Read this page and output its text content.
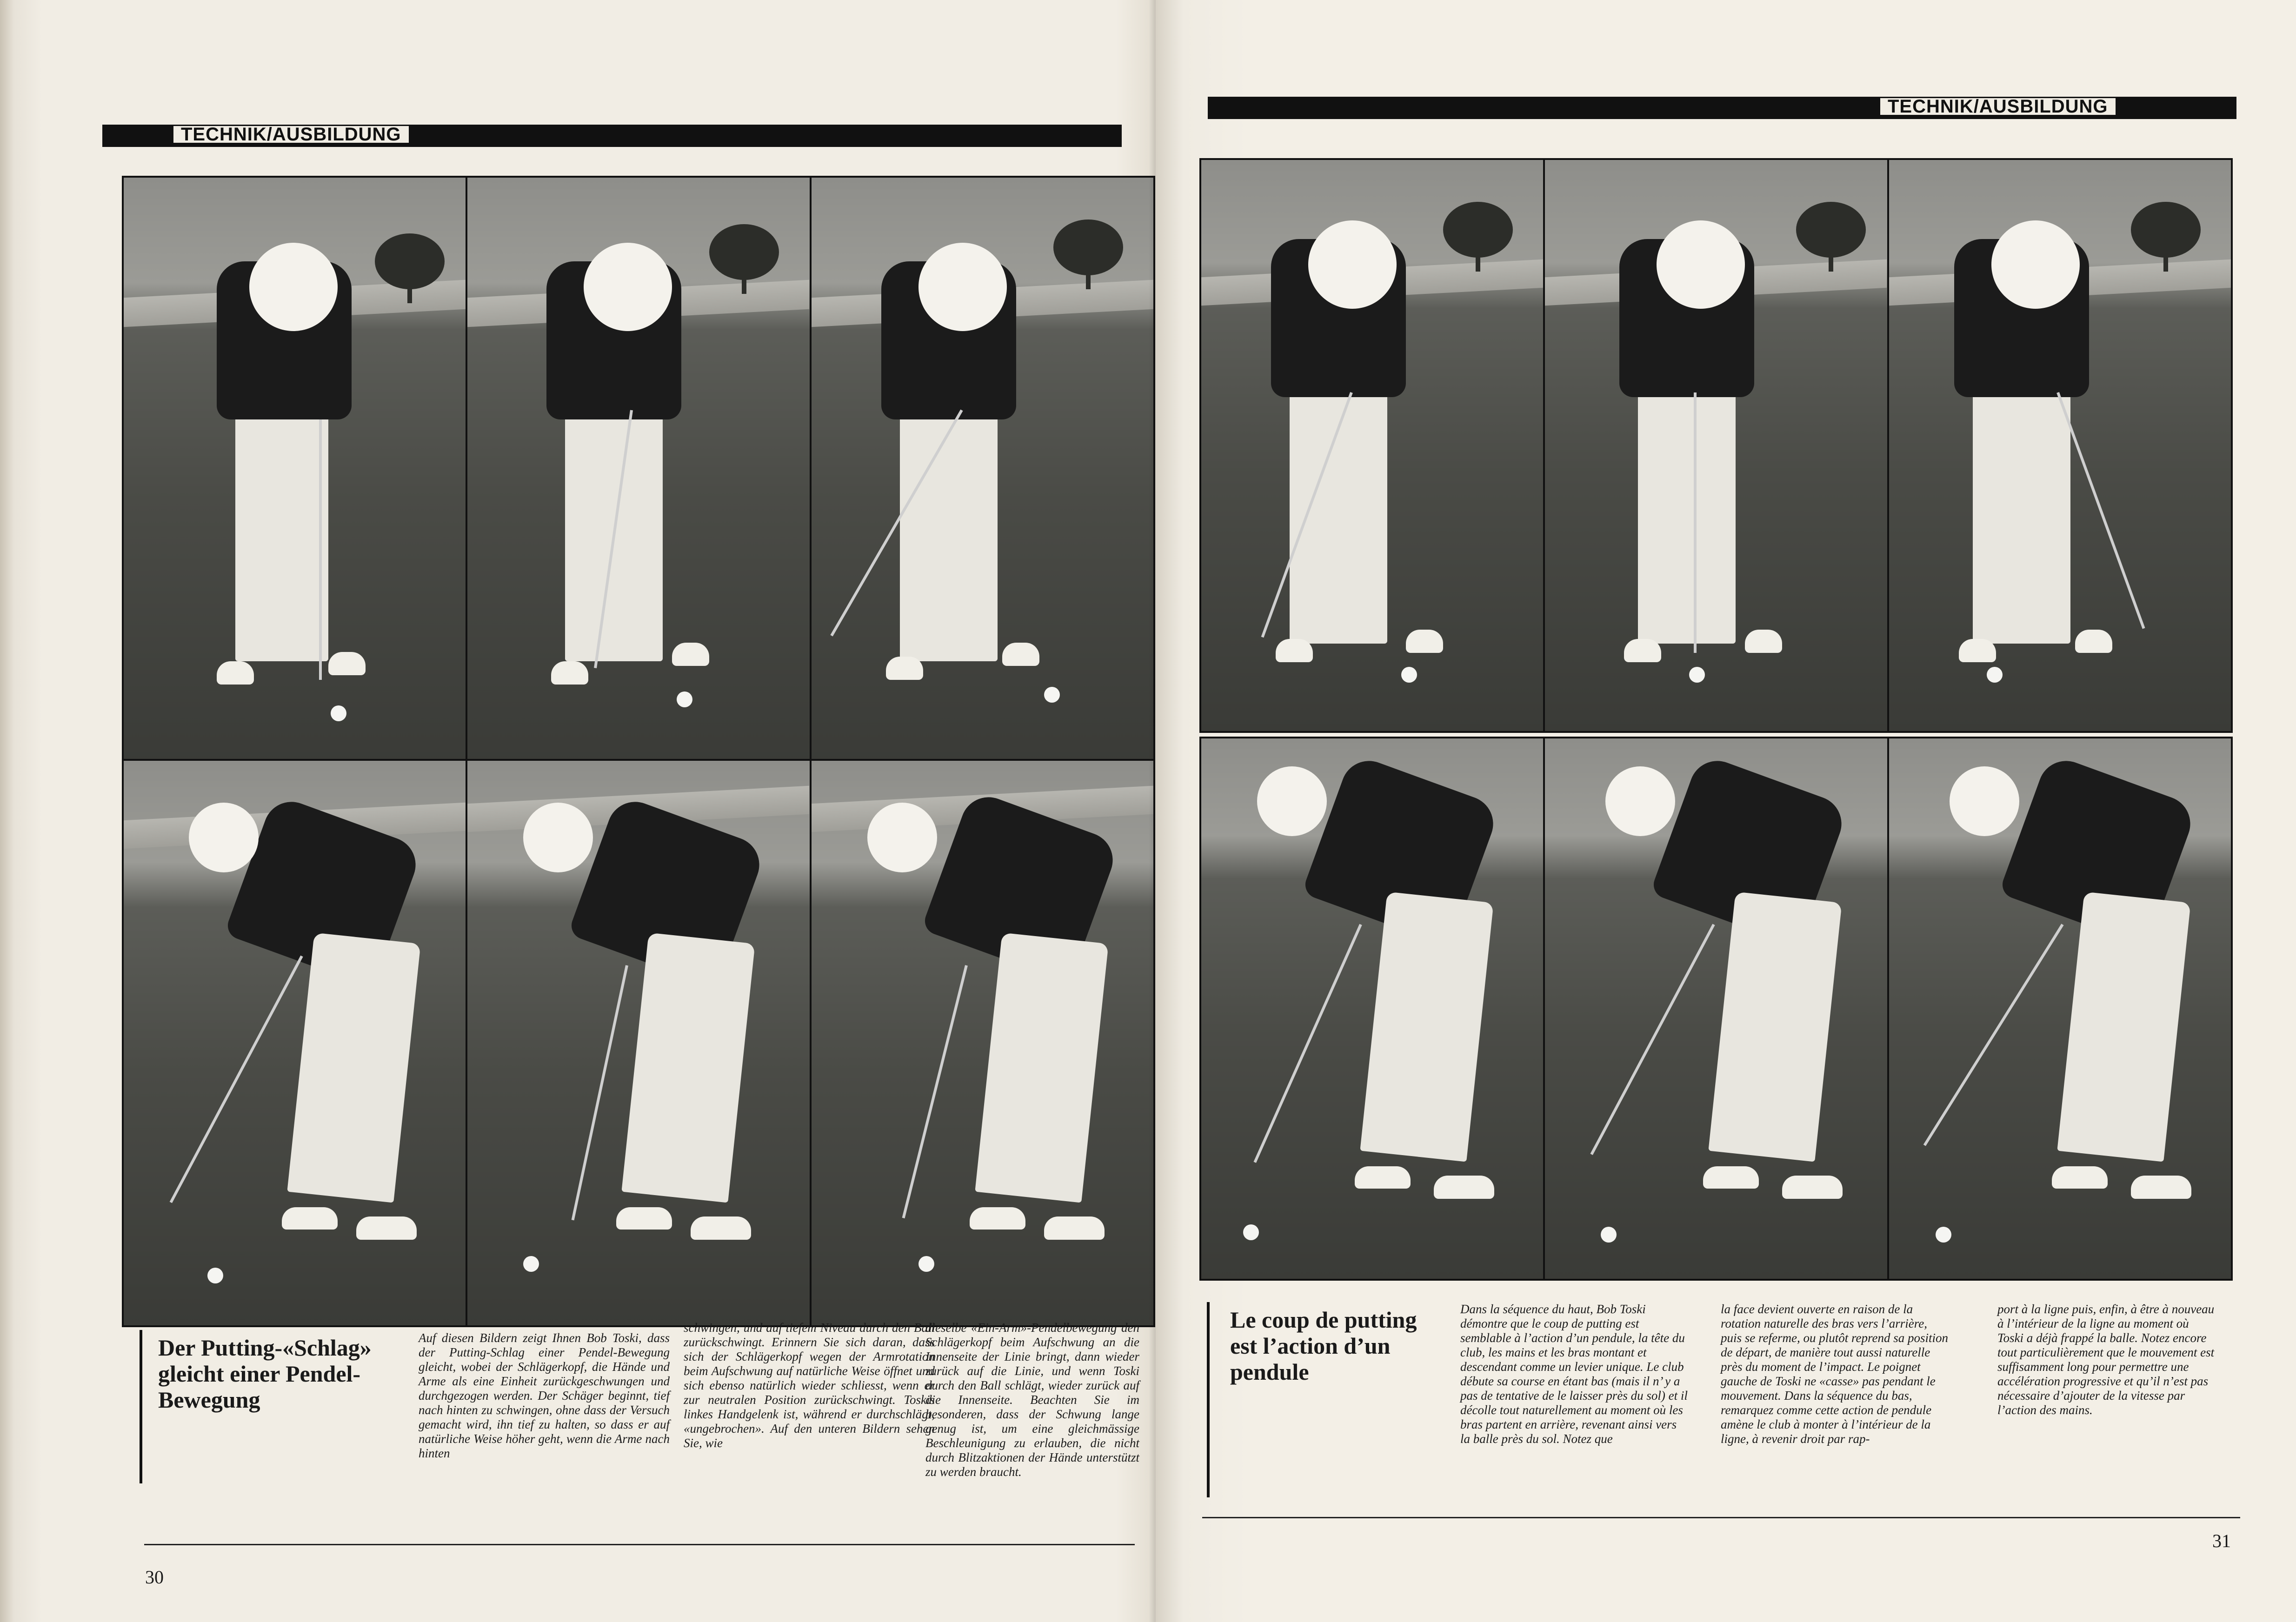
TECHNIK/AUSBILDUNG
Der Putting-«Schlag» gleicht einer Pendel-Bewegung
Auf diesen Bildern zeigt Ihnen Bob Toski, dass der Putting-Schlag einer Pendel-Bewegung gleicht, wobei der Schlägerkopf, die Hände und Arme als eine Einheit zurückgeschwungen und durchgezogen werden. Der Schäger beginnt, tief nach hinten zu schwingen, ohne dass der Versuch gemacht wird, ihn tief zu halten, so dass er auf natürliche Weise höher geht, wenn die Arme nach hinten
schwingen, und auf tiefem Niveau durch den Ball zurückschwingt. Erinnern Sie sich daran, dass sich der Schlägerkopf wegen der Armrotation beim Aufschwung auf natürliche Weise öffnet und sich ebenso natürlich wieder schliesst, wenn er zur neutralen Position zurückschwingt. Toskis linkes Handgelenk ist, während er durchschlägt, «ungebrochen». Auf den unteren Bildern sehen Sie, wie
dieselbe «Ein-Arm»-Pendelbewegung den Schlägerkopf beim Aufschwung an die Innenseite der Linie bringt, dann wieder zurück auf die Linie, und wenn Toski durch den Ball schlägt, wieder zurück auf die Innenseite. Beachten Sie im besonderen, dass der Schwung lange genug ist, um eine gleichmässige Beschleunigung zu erlauben, die nicht durch Blitzaktionen der Hände unterstützt zu werden braucht.
30
TECHNIK/AUSBILDUNG
Le coup de putting est l’action d’un pendule
Dans la séquence du haut, Bob Toski démontre que le coup de putting est semblable à l’action d’un pendule, la tête du club, les mains et les bras montant et descendant comme un levier unique. Le club débute sa course en étant bas (mais il n’ y a pas de tentative de le laisser près du sol) et il décolle tout naturellement au moment où les bras partent en arrière, revenant ainsi vers la balle près du sol. Notez que
la face devient ouverte en raison de la rotation naturelle des bras vers l’arrière, puis se referme, ou plutôt reprend sa position de départ, de manière tout aussi naturelle près du moment de l’impact. Le poignet gauche de Toski ne «casse» pas pendant le mouvement. Dans la séquence du bas, remarquez comme cette action de pendule amène le club à monter à l’intérieur de la ligne, à revenir droit par rap-
port à la ligne puis, enfin, à être à nouveau à l’intérieur de la ligne au moment où Toski a déjà frappé la balle. Notez encore tout particulièrement que le mouvement est suffisamment long pour permettre une accélération progressive et qu’il n’est pas nécessaire d’ajouter de la vitesse par l’action des mains.
31
